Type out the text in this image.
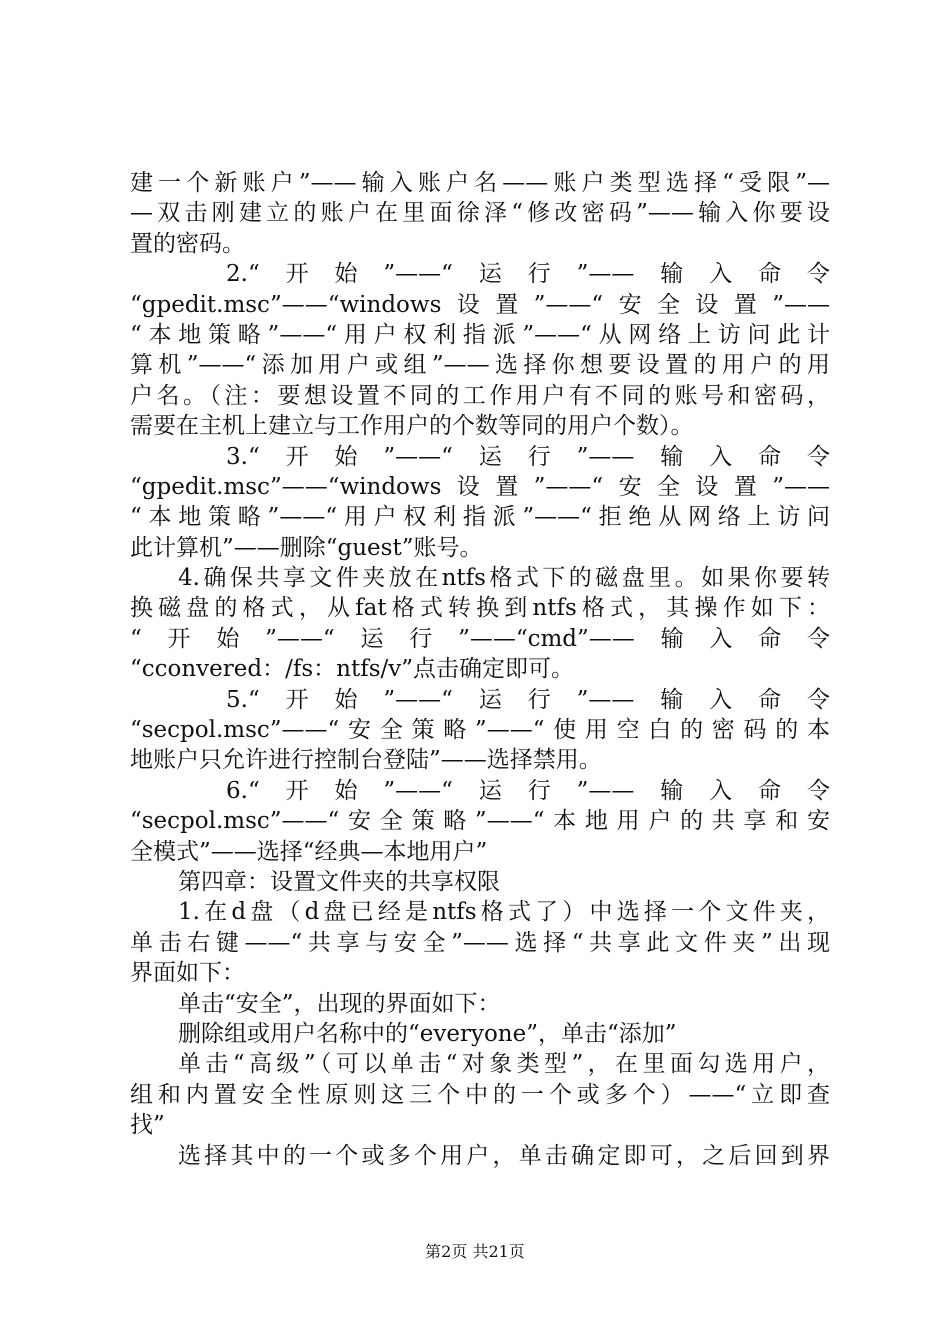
建一个新账户”——输入账户名——账户类型选择“受限”—
—双击刚建立的账户在里面徐泽“修改密码”——输入你要设
置的密码。
2.“开始”——“运行”——输入命令
“gpedit.msc”——“windows设置”——“安全设置”——
“本地策略”——“用户权利指派”——“从网络上访问此计
算机”——“添加用户或组”——选择你想要设置的用户的用
户名。（注：要想设置不同的工作用户有不同的账号和密码，
需要在主机上建立与工作用户的个数等同的用户个数）。
3.“开始”——“运行”——输入命令
“gpedit.msc”——“windows设置”——“安全设置”——
“本地策略”——“用户权利指派”——“拒绝从网络上访问
此计算机”——删除“guest”账号。
4.确保共享文件夹放在ntfs格式下的磁盘里。如果你要转
换磁盘的格式，从fat格式转换到ntfs格式，其操作如下：
“开始”——“运行”——“cmd”——输入命令
“cconvered：/fs：ntfs/v”点击确定即可。
5.“开始”——“运行”——输入命令
“secpol.msc”——“安全策略”——“使用空白的密码的本
地账户只允许进行控制台登陆”——选择禁用。
6.“开始”——“运行”——输入命令
“secpol.msc”——“安全策略”——“本地用户的共享和安
全模式”——选择“经典—本地用户”
第四章：设置文件夹的共享权限
1.在d盘（d盘已经是ntfs格式了）中选择一个文件夹，
单击右键——“共享与安全”——选择“共享此文件夹”出现
界面如下：
单击“安全”，出现的界面如下：
删除组或用户名称中的“everyone”，单击“添加”
单击“高级”（可以单击“对象类型”，在里面勾选用户，
组和内置安全性原则这三个中的一个或多个）——“立即查
找”
选择其中的一个或多个用户，单击确定即可，之后回到界
第2页 共21页
